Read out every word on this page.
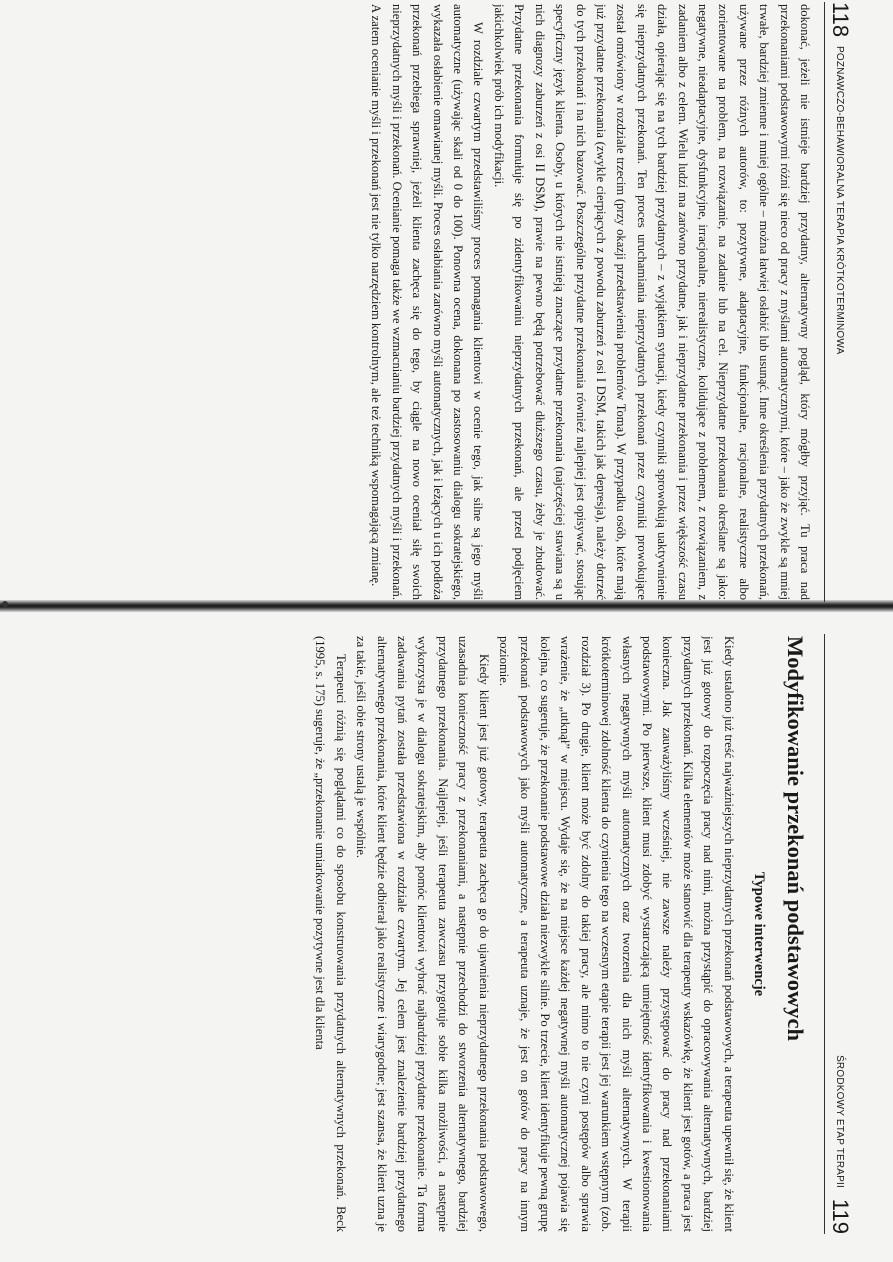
118
POZNAWCZO-BEHAWIORALNA TERAPIA KRÓTKOTERMINOWA

dokonać, jeżeli nie istnieje bardziej przydatny, alternatywny pogląd, który mógłby przyjąć. Tu praca nad przekonaniami podstawowymi różni się nieco od pracy z myślami automatycznymi, które – jako że zwykle są mniej trwałe, bardziej zmienne i mniej ogólne – można łatwiej osłabić lub usunąć. Inne określenia przydatnych przekonań, używane przez różnych autorów, to: pozytywne, adaptacyjne, funkcjonalne, racjonalne, realistyczne albo zorientowane na problem, na rozwiązanie, na zadanie lub na cel. Nieprzydatne przekonania określane są jako: negatywne, nieadaptacyjne, dysfunkcyjne, irracjonalne, nierealistyczne, kolidujące z problemem, z rozwiązaniem, z zadaniem albo z celem. Wielu ludzi ma zarówno przydatne, jak i nieprzydatne przekonania i przez większość czasu działa, opierając się na tych bardziej przydatnych – z wyjątkiem sytuacji, kiedy czynniki sprowokują uaktywnienie się nieprzydatnych przekonań. Ten proces uruchamiania nieprzydatnych przekonań przez czynniki prowokujące został omówiony w rozdziale trzecim (przy okazji przedstawienia problemów Toma). W przypadku osób, które mają już przydatne przekonania (zwykle cierpiących z powodu zaburzeń z osi I DSM, takich jak depresja), należy dotrzeć do tych przekonań i na nich bazować. Poszczególne przydatne przekonania również najlepiej jest opisywać, stosując specyficzny język klienta. Osoby, u których nie istnieją znaczące przydatne przekonania (najczęściej stawiana są u nich diagnozy zaburzeń z osi II DSM), prawie na pewno będą potrzebować dłuższego czasu, żeby je zbudować. Przydatne przekonania formułuje się po zidentyfikowaniu nieprzydatnych przekonań, ale przed podjęciem jakichkolwiek prób ich modyfikacji.

W rozdziale czwartym przedstawiliśmy proces pomagania klientowi w ocenie tego, jak silne są jego myśli automatyczne (używając skali od 0 do 100). Ponowna ocena, dokonana po zastosowaniu dialogu sokratejskiego, wykazała osłabienie omawianej myśli. Proces osłabiania zarówno myśli automatycznych, jak i leżących u ich podłoża przekonań przebiega sprawniej, jeżeli klienta zachęca się do tego, by ciągle na nowo oceniał siłę swoich nieprzydatnych myśli i przekonań. Ocenianie pomaga także we wzmacnianiu bardziej przydatnych myśli i przekonań. A zatem ocenianie myśli i przekonań jest nie tylko narzędziem kontrolnym, ale też techniką wspomagającą zmianę.

ŚRODKOWY ETAP TERAPII
119
Modyfikowanie przekonań podstawowych
Typowe interwencje

Kiedy ustalono już treść najważniejszych nieprzydatnych przekonań podstawowych, a terapeuta upewnił się, że klient jest już gotowy do rozpoczęcia pracy nad nimi, można przystąpić do opracowywania alternatywnych, bardziej przydatnych przekonań. Kilka elementów może stanowić dla terapeuty wskazówkę, że klient jest gotów, a praca jest konieczna. Jak zauważyliśmy wcześniej, nie zawsze należy przystępować do pracy nad przekonaniami podstawowymi. Po pierwsze, klient musi zdobyć wystarczającą umiejętność identyfikowania i kwestionowania własnych negatywnych myśli automatycznych oraz tworzenia dla nich myśli alternatywnych. W terapii krótkoterminowej zdolność klienta do czynienia tego na wczesnym etapie terapii jest jej warunkiem wstępnym (zob. rozdział 3). Po drugie, klient może być zdolny do takiej pracy, ale mimo to nie czyni postępów albo sprawia wrażenie, że „utknął” w miejscu. Wydaje się, że na miejsce każdej negatywnej myśli automatycznej pojawia się kolejna, co sugeruje, że przekonanie podstawowe działa niezwykle silnie. Po trzecie, klient identyfikuje pewną grupę przekonań podstawowych jako myśli automatyczne, a terapeuta uznaje, że jest on gotów do pracy na innym poziomie.

Kiedy klient jest już gotowy, terapeuta zachęca go do ujawnienia nieprzydatnego przekonania podstawowego, uzasadnia konieczność pracy z przekonaniami, a następnie przechodzi do stworzenia alternatywnego, bardziej przydatnego przekonania. Najlepiej, jeśli terapeuta zawczasu przygotuje sobie kilka możliwości, a następnie wykorzysta je w dialogu sokratejskim, aby pomóc klientowi wybrać najbardziej przydatne przekonanie. Ta forma zadawania pytań została przedstawiona w rozdziale czwartym. Jej celem jest znalezienie bardziej przydatnego alternatywnego przekonania, które klient będzie odbierał jako realistyczne i wiarygodne; jest szansa, że klient uzna je za takie, jeśli obie strony ustalą je wspólnie.

Terapeuci różnią się poglądami co do sposobu konstruowania przydatnych alternatywnych przekonań. Beck (1995, s. 175) sugeruje, że „przekonanie umiarkowanie pozytywne jest dla klienta
